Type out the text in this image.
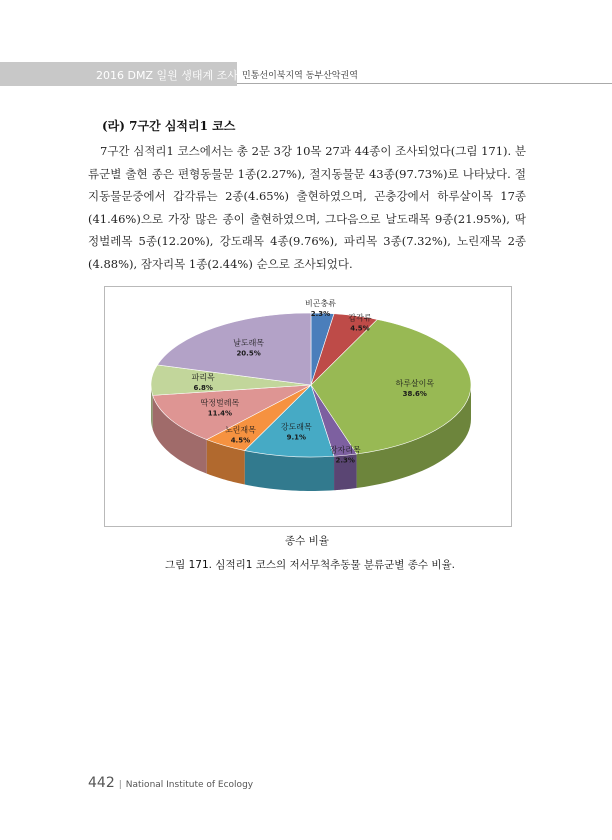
2016 DMZ 일원 생태계 조사 민통선이북지역 동부산악권역
(라) 7구간 심적리1 코스

7구간 심적리1 코스에서는 총 2문 3강 10목 27과 44종이 조사되었다(그림 171). 분류군별 출현 종은 편형동물문 1종(2.27%), 절지동물문 43종(97.73%)로 나타났다. 절지동물문중에서 갑각류는 2종(4.65%) 출현하였으며, 곤충강에서 하루살이목 17종(41.46%)으로 가장 많은 종이 출현하였으며, 그다음으로 날도래목 9종(21.95%), 딱정벌레목 5종(12.20%), 강도래목 4종(9.76%), 파리목 3종(7.32%), 노린재목 2종(4.88%), 잠자리목 1종(2.44%) 순으로 조사되었다.

비곤충류
2.3% 갑각류
4.5%
하루살이목
38.6%
잠자리목
2.3%
강도래목
9.1%
노린재목
4.5%
딱정벌레목
11.4%
파리목
6.8%
날도래목
20.5%
종수 비율
그림 171. 심적리1 코스의 저서무척추동물 분류군별 종수 비율.
442 | National Institute of Ecology
